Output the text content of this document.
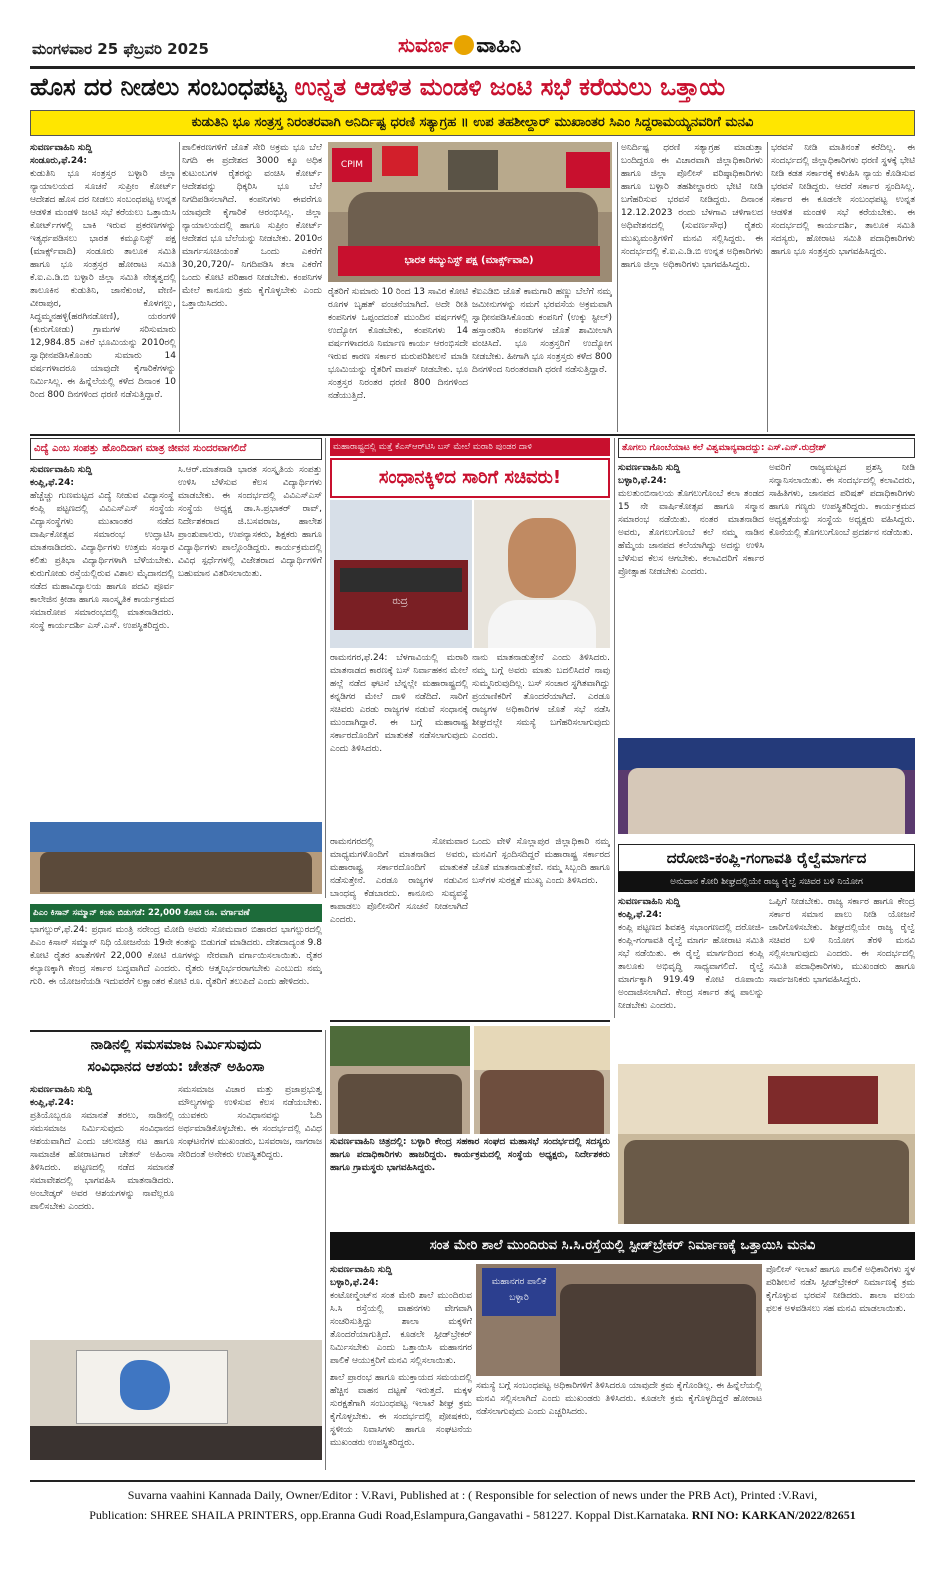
ಮಂಗಳವಾರ 25 ಫೆಬ್ರವರಿ 2025	ಸುವರ್ಣ ವಾಹಿನಿ
ಹೊಸ ದರ ನೀಡಲು ಸಂಬಂಧಪಟ್ಟ ಉನ್ನತ ಆಡಳಿತ ಮಂಡಳಿ ಜಂಟಿ ಸಭೆ ಕರೆಯಲು ಒತ್ತಾಯ
ಕುಡುತಿನಿ ಭೂ ಸಂತ್ರಸ್ತ ನಿರಂತರವಾಗಿ ಅನಿರ್ದಿಷ್ಟ ಧರಣಿ ಸತ್ಯಾಗ್ರಹ ॥ ಉಪ ತಹಶೀಲ್ದಾರ್ ಮುಖಾಂತರ ಸಿಎಂ ಸಿದ್ದರಾಮಯ್ಯನವರಿಗೆ ಮನವಿ
ಸುವರ್ಣವಾಹಿನಿ ಸುದ್ದಿ
ಸಂಡೂರು,ಫೆ.24:
ಕುಡುತಿನಿ ಭೂ ಸಂತ್ರಸ್ತರ ಬಳ್ಳಾರಿ ಜಿಲ್ಲಾ ನ್ಯಾಯಾಲಯದ ಸೂಚನೆ ಸುಪ್ರೀಂ ಕೋರ್ಟ್ ಆದೇಶದ ಹೊಸ ದರ ನೀಡಲು ಸಂಬಂಧಪಟ್ಟ ಉನ್ನತ ಆಡಳಿತ ಮಂಡಳಿ ಜಂಟಿ ಸಭೆ ಕರೆಯಲು ಒತ್ತಾಯಿಸಿ ಕೋರ್ಟ್‌ಗಳಲ್ಲಿ ಬಾಕಿ ಇರುವ ಪ್ರಕರಣಗಳನ್ನು ಇತ್ಯರ್ಥಪಡಿಸಲು ಭಾರತ ಕಮ್ಯೂನಿಸ್ಟ್ ಪಕ್ಷ (ಮಾರ್ಕ್ಸ್‌ವಾದಿ) ಸಂಡೂರು ತಾಲೂಕ ಸಮಿತಿ ಹಾಗೂ ಭೂ ಸಂತ್ರಸ್ತರ ಹೋರಾಟ ಸಮಿತಿ ಕೆ.ಐ.ಎ.ಡಿ.ಬಿ ಬಳ್ಳಾರಿ ಜಿಲ್ಲಾ ಸಮಿತಿ ನೇತೃತ್ವದಲ್ಲಿ ತಾಲೂಕಿನ ಕುಡುತಿನಿ, ಜಾನೆಕುಂಟೆ, ವೇಣಿ-ವೀರಾಪುರ, ಕೊಳಗಲ್ಲು, ಸಿದ್ಧಮ್ಮನಹಳ್ಳಿ(ಹರಗಿನಡೋಣಿ), ಯರಂಗಳಿ (ಕುರುಗೋಡು) ಗ್ರಾಮಗಳ ಸರಿಸುಮಾರು 12,984.85 ಎಕರೆ ಭೂಮಿಯನ್ನು 2010ರಲ್ಲಿ ಸ್ವಾಧೀನಪಡಿಸಿಕೊಂಡು ಸುಮಾರು 14 ವರ್ಷಗಳಾದರೂ ಯಾವುದೇ ಕೈಗಾರಿಕೆಗಳನ್ನು ನಿರ್ಮಿಸಿಲ್ಲ. ಈ ಹಿನ್ನೆಲೆಯಲ್ಲಿ ಕಳೆದ ದಿನಾಂಕ 10 ರಿಂದ 800 ದಿನಗಳಿಂದ ಧರಣಿ ನಡೆಸುತ್ತಿದ್ದಾರೆ.
ಪಾಲಿಕರಣಗಳಿಗೆ ಜೊತೆ ಸೇರಿ ಅಕ್ರಮ ಭೂ ಬೆಲೆ ನಿಗದಿ ಈ ಪ್ರದೇಶದ 3000 ಕ್ಕೂ ಅಧಿಕ ಕುಟುಂಬಗಳ ರೈತರನ್ನು ವಂಚಿಸಿ ಕೋರ್ಟ್ ಆದೇಶವನ್ನು ಧಿಕ್ಕರಿಸಿ ಭೂ ಬೆಲೆ ನಿಗದಿಪಡಿಸಲಾಗಿದೆ. ಕಂಪನಿಗಳು ಈವರೆಗೂ ಯಾವುದೇ ಕೈಗಾರಿಕೆ ಆರಂಭಿಸಿಲ್ಲ. ಜಿಲ್ಲಾ ನ್ಯಾಯಾಲಯದಲ್ಲಿ ಹಾಗೂ ಸುಪ್ರೀಂ ಕೋರ್ಟ್ ಆದೇಶದ ಭೂ ಬೆಲೆಯನ್ನು ನೀಡಬೇಕು. 2010ರ ಮಾರ್ಗಸೂಚಿಯಂತೆ ಒಂದು ಎಕರೆಗೆ 30,20,720/- ನಿಗದಿಪಡಿಸಿ ತಲಾ ಎಕರೆಗೆ ಒಂದು ಕೋಟಿ ಪರಿಹಾರ ನೀಡಬೇಕು. ಕಂಪನಿಗಳ ಮೇಲೆ ಕಾನೂನು ಕ್ರಮ ಕೈಗೊಳ್ಳಬೇಕು ಎಂದು ಒತ್ತಾಯಿಸಿದರು.
CPIM
ಭಾರತ ಕಮ್ಯುನಿಸ್ಟ್ ಪಕ್ಷ (ಮಾರ್ಕ್ಸ್‌ವಾದಿ)
ರೈತರಿಗೆ ಸುಮಾರು 10 ರಿಂದ 13 ಸಾವಿರ ಕೋಟಿ ರೂಗಳ ಬೃಹತ್ ವಂಚನೆಯಾಗಿದೆ. ಅದೇ ರೀತಿ ಕಂಪನಿಗಳ ಒಪ್ಪಂದದಂತೆ ಮುಂದಿನ ವರ್ಷಗಳಲ್ಲಿ ಉದ್ಯೋಗ ಕೊಡಬೇಕು, ಕಂಪನಿಗಳು 14 ವರ್ಷಗಳಾದರೂ ನಿರ್ಮಾಣ ಕಾರ್ಯ ಆರಂಭಿಸದೇ ಇರುವ ಕಾರಣ ಸರ್ಕಾರ ಮರುಪರಿಶೀಲನೆ ಮಾಡಿ ಭೂಮಿಯನ್ನು ರೈತರಿಗೆ ವಾಪಸ್ ನೀಡಬೇಕು. ಭೂ ಸಂತ್ರಸ್ತರ ನಿರಂತರ ಧರಣಿ 800 ದಿನಗಳಿಂದ ನಡೆಯುತ್ತಿದೆ.
ಕೆಐಎಡಿಬಿ ಜೊತೆ ಕಾಮಗಾರಿ ಹಣ್ಣು ಬೆಲೆಗೆ ನಮ್ಮ ಜಮೀನುಗಳನ್ನು ನಮಗೆ ಭರವಸೆಯ ಅಕ್ರಮವಾಗಿ ಸ್ವಾಧೀನಪಡಿಸಿಕೊಂಡು ಕಂಪನಿಗೆ (ಉಕ್ಕು ಸ್ಟೀಲ್) ಹಸ್ತಾಂತರಿಸಿ ಕಂಪನಿಗಳ ಜೊತೆ ಶಾಮೀಲಾಗಿ ವಂಚಿಸಿದೆ. ಭೂ ಸಂತ್ರಸ್ತರಿಗೆ ಉದ್ಯೋಗ ನೀಡಬೇಕು. ಹೀಗಾಗಿ ಭೂ ಸಂತ್ರಸ್ತರು ಕಳೆದ 800 ದಿನಗಳಿಂದ ನಿರಂತರವಾಗಿ ಧರಣಿ ನಡೆಸುತ್ತಿದ್ದಾರೆ.
ಅನಿರ್ದಿಷ್ಟ ಧರಣಿ ಸತ್ಯಾಗ್ರಹ ಮಾಡುತ್ತಾ ಬಂದಿದ್ದರೂ ಈ ವಿಚಾರವಾಗಿ ಜಿಲ್ಲಾಧಿಕಾರಿಗಳು ಹಾಗೂ ಜಿಲ್ಲಾ ಪೊಲೀಸ್ ವರಿಷ್ಠಾಧಿಕಾರಿಗಳು ಹಾಗೂ ಬಳ್ಳಾರಿ ತಹಶೀಲ್ದಾರರು ಭೇಟಿ ನೀಡಿ ಬಗೆಹರಿಸುವ ಭರವಸೆ ನೀಡಿದ್ದರು. ದಿನಾಂಕ 12.12.2023 ರಂದು ಬೆಳಗಾವಿ ಚಳಿಗಾಲದ ಅಧಿವೇಶನದಲ್ಲಿ (ಸುವರ್ಣಸೌಧ) ರೈತರು ಮುಖ್ಯಮಂತ್ರಿಗಳಿಗೆ ಮನವಿ ಸಲ್ಲಿಸಿದ್ದರು. ಈ ಸಂದರ್ಭದಲ್ಲಿ ಕೆ.ಐ.ಎ.ಡಿ.ಬಿ ಉನ್ನತ ಅಧಿಕಾರಿಗಳು ಹಾಗೂ ಜಿಲ್ಲಾ ಅಧಿಕಾರಿಗಳು ಭಾಗವಹಿಸಿದ್ದರು.
ಭರವಸೆ ನೀಡಿ ಮಾತಿನಂತೆ ಕರೆದಿಲ್ಲ. ಈ ಸಂದರ್ಭದಲ್ಲಿ ಜಿಲ್ಲಾಧಿಕಾರಿಗಳು ಧರಣಿ ಸ್ಥಳಕ್ಕೆ ಭೇಟಿ ನೀಡಿ ಕಡತ ಸರ್ಕಾರಕ್ಕೆ ಕಳುಹಿಸಿ ನ್ಯಾಯ ಕೊಡಿಸುವ ಭರವಸೆ ನೀಡಿದ್ದರು. ಆದರೆ ಸರ್ಕಾರ ಸ್ಪಂದಿಸಿಲ್ಲ. ಸರ್ಕಾರ ಈ ಕೂಡಲೇ ಸಂಬಂಧಪಟ್ಟ ಉನ್ನತ ಆಡಳಿತ ಮಂಡಳಿ ಸಭೆ ಕರೆಯಬೇಕು. ಈ ಸಂದರ್ಭದಲ್ಲಿ ಕಾರ್ಯದರ್ಶಿ, ತಾಲೂಕ ಸಮಿತಿ ಸದಸ್ಯರು, ಹೋರಾಟ ಸಮಿತಿ ಪದಾಧಿಕಾರಿಗಳು ಹಾಗೂ ಭೂ ಸಂತ್ರಸ್ತರು ಭಾಗವಹಿಸಿದ್ದರು.
ವಿದ್ಯೆ ಎಂಬ ಸಂಪತ್ತು ಹೊಂದಿದಾಗ ಮಾತ್ರ ಜೀವನ ಸುಂದರವಾಗಲಿದೆ
ಸುವರ್ಣವಾಹಿನಿ ಸುದ್ದಿ
ಕಂಪ್ಲಿ,ಫೆ.24:
ಹೆಚ್ಚೆಚ್ಚು ಗುಣಮಟ್ಟದ ವಿದ್ಯೆ ನೀಡುವ ವಿದ್ಯಾಸಂಸ್ಥೆ ಕಂಪ್ಲಿ ಪಟ್ಟಣದಲ್ಲಿ ವಿವಿಎಸ್‌ಎಸ್ ಸಂಸ್ಥೆಯ ವಿದ್ಯಾಸಂಸ್ಥೆಗಳು ಮುಖಾಂತರ ನಡೆದ ವಾರ್ಷಿಕೋತ್ಸವ ಸಮಾರಂಭ ಉದ್ಘಾಟಿಸಿ ಮಾತನಾಡಿದರು. ವಿದ್ಯಾರ್ಥಿಗಳು ಉತ್ತಮ ಸಂಸ್ಕಾರ ಕಲಿತು ಪ್ರತಿಭಾ ವಿದ್ಯಾರ್ಥಿಗಳಾಗಿ ಬೆಳೆಯಬೇಕು. ಕುರುಗೋಡು ರಸ್ತೆಯಲ್ಲಿರುವ ವಿಶಾಲ ಮೈದಾನದಲ್ಲಿ ನಡೆದ ಮಹಾವಿದ್ಯಾಲಯ ಹಾಗೂ ಪದವಿ ಪೂರ್ವ ಕಾಲೇಜಿನ ಕ್ರೀಡಾ ಹಾಗೂ ಸಾಂಸ್ಕೃತಿಕ ಕಾರ್ಯಕ್ರಮದ ಸಮಾರೋಪ ಸಮಾರಂಭದಲ್ಲಿ ಮಾತನಾಡಿದರು. ಸಂಸ್ಥೆ ಕಾರ್ಯದರ್ಶಿ ಎಸ್.ಎಸ್. ಉಪಸ್ಥಿತರಿದ್ದರು.
ಸಿ.ಆರ್.ಮಾತನಾಡಿ ಭಾರತ ಸಂಸ್ಕೃತಿಯ ಸಂಪತ್ತು ಉಳಿಸಿ ಬೆಳೆಸುವ ಕೆಲಸ ವಿದ್ಯಾರ್ಥಿಗಳು ಮಾಡಬೇಕು. ಈ ಸಂದರ್ಭದಲ್ಲಿ ವಿವಿಎಸ್‌ಎಸ್ ಸಂಸ್ಥೆಯ ಅಧ್ಯಕ್ಷ ಡಾ.ಸಿ.ಪ್ರಭಾಕರ್ ರಾವ್, ನಿರ್ದೇಶಕರಾದ ಜಿ.ಬಸವರಾಜ, ಹಾಲೇಶ ಪ್ರಾಂಶುಪಾಲರು, ಉಪನ್ಯಾಸಕರು, ಶಿಕ್ಷಕರು ಹಾಗೂ ವಿದ್ಯಾರ್ಥಿಗಳು ಪಾಲ್ಗೊಂಡಿದ್ದರು. ಕಾರ್ಯಕ್ರಮದಲ್ಲಿ ವಿವಿಧ ಸ್ಪರ್ಧೆಗಳಲ್ಲಿ ವಿಜೇತರಾದ ವಿದ್ಯಾರ್ಥಿಗಳಿಗೆ ಬಹುಮಾನ ವಿತರಿಸಲಾಯಿತು.
ಮಹಾರಾಷ್ಟ್ರದಲ್ಲಿ ಮತ್ತೆ ಕೆಎಸ್‌ಆರ್‌ಟಿಸಿ ಬಸ್ ಮೇಲೆ ಮರಾಠಿ ಪುಂಡರ ದಾಳಿ
ಸಂಧಾನಕ್ಕಿಳಿದ ಸಾರಿಗೆ ಸಚಿವರು!
ರುದ್ರ
ರಾಮನಗರ,ಫೆ.24: ಬೆಳಗಾವಿಯಲ್ಲಿ ಮರಾಠಿ ಮಾತನಾಡದ ಕಾರಣಕ್ಕೆ ಬಸ್ ನಿರ್ವಾಹಕನ ಮೇಲೆ ಹಲ್ಲೆ ನಡೆದ ಘಟನೆ ಬೆನ್ನಲ್ಲೇ ಮಹಾರಾಷ್ಟ್ರದಲ್ಲಿ ಕನ್ನಡಿಗರ ಮೇಲೆ ದಾಳಿ ನಡೆದಿದೆ. ಸಾರಿಗೆ ಸಚಿವರು ಎರಡು ರಾಜ್ಯಗಳ ನಡುವೆ ಸಂಧಾನಕ್ಕೆ ಮುಂದಾಗಿದ್ದಾರೆ. ಈ ಬಗ್ಗೆ ಮಹಾರಾಷ್ಟ್ರ ಸರ್ಕಾರದೊಂದಿಗೆ ಮಾತುಕತೆ ನಡೆಸಲಾಗುವುದು ಎಂದು ತಿಳಿಸಿದರು.
ನಾನು ಮಾತನಾಡುತ್ತೇನೆ ಎಂದು ತಿಳಿಸಿದರು. ನಮ್ಮ ಬಗ್ಗೆ ಅವರು ಮಾತು ಬದಲಿಸಿದರೆ ನಾವು ಸುಮ್ಮನಿರುವುದಿಲ್ಲ. ಬಸ್ ಸಂಚಾರ ಸ್ಥಗಿತವಾಗಿದ್ದು ಪ್ರಯಾಣಿಕರಿಗೆ ತೊಂದರೆಯಾಗಿದೆ. ಎರಡೂ ರಾಜ್ಯಗಳ ಅಧಿಕಾರಿಗಳ ಜೊತೆ ಸಭೆ ನಡೆಸಿ ಶೀಘ್ರದಲ್ಲೇ ಸಮಸ್ಯೆ ಬಗೆಹರಿಸಲಾಗುವುದು ಎಂದರು.
ರಾಮನಗರದಲ್ಲಿ ಸೋಮವಾರ ಮಾಧ್ಯಮಗಳೊಂದಿಗೆ ಮಾತನಾಡಿದ ಅವರು, ಮಹಾರಾಷ್ಟ್ರ ಸರ್ಕಾರದೊಂದಿಗೆ ಮಾತುಕತೆ ನಡೆಸುತ್ತೇನೆ. ಎರಡೂ ರಾಜ್ಯಗಳ ನಡುವಿನ ಬಾಂಧವ್ಯ ಕೆಡಬಾರದು. ಕಾನೂನು ಸುವ್ಯವಸ್ಥೆ ಕಾಪಾಡಲು ಪೊಲೀಸರಿಗೆ ಸೂಚನೆ ನೀಡಲಾಗಿದೆ ಎಂದರು.
ಒಂದು ವೇಳೆ ಸೊಲ್ಲಾಪುರ ಜಿಲ್ಲಾಧಿಕಾರಿ ನಮ್ಮ ಮನವಿಗೆ ಸ್ಪಂದಿಸದಿದ್ದರೆ ಮಹಾರಾಷ್ಟ್ರ ಸರ್ಕಾರದ ಜೊತೆ ಮಾತನಾಡುತ್ತೇವೆ. ನಮ್ಮ ಸಿಬ್ಬಂದಿ ಹಾಗೂ ಬಸ್‌ಗಳ ಸುರಕ್ಷತೆ ಮುಖ್ಯ ಎಂದು ತಿಳಿಸಿದರು.
ತೊಗಲು ಗೊಂಬೆಯಾಟ ಕಲೆ ವಿಶ್ವಮಾನ್ಯವಾದದ್ದು: ಎಸ್.ಎನ್.ರುದ್ರೇಶ್
ಸುವರ್ಣವಾಹಿನಿ ಸುದ್ದಿ
ಬಳ್ಳಾರಿ,ಫೆ.24:
ಮಲತುಂಬಿನಾಲಯ ತೊಗಲುಗೊಂಬೆ ಕಲಾ ತಂಡದ 15 ನೇ ವಾರ್ಷಿಕೋತ್ಸವ ಹಾಗೂ ಸನ್ಮಾನ ಸಮಾರಂಭ ನಡೆಯಿತು. ನಂತರ ಮಾತನಾಡಿದ ಅವರು, ತೊಗಲುಗೊಂಬೆ ಕಲೆ ನಮ್ಮ ನಾಡಿನ ಹೆಮ್ಮೆಯ ಜಾನಪದ ಕಲೆಯಾಗಿದ್ದು ಅದನ್ನು ಉಳಿಸಿ ಬೆಳೆಸುವ ಕೆಲಸ ಆಗಬೇಕು. ಕಲಾವಿದರಿಗೆ ಸರ್ಕಾರ ಪ್ರೋತ್ಸಾಹ ನೀಡಬೇಕು ಎಂದರು.
ಅವರಿಗೆ ರಾಜ್ಯಮಟ್ಟದ ಪ್ರಶಸ್ತಿ ನೀಡಿ ಸನ್ಮಾನಿಸಲಾಯಿತು. ಈ ಸಂದರ್ಭದಲ್ಲಿ ಕಲಾವಿದರು, ಸಾಹಿತಿಗಳು, ಜಾನಪದ ಪರಿಷತ್ ಪದಾಧಿಕಾರಿಗಳು ಹಾಗೂ ಗಣ್ಯರು ಉಪಸ್ಥಿತರಿದ್ದರು. ಕಾರ್ಯಕ್ರಮದ ಅಧ್ಯಕ್ಷತೆಯನ್ನು ಸಂಸ್ಥೆಯ ಅಧ್ಯಕ್ಷರು ವಹಿಸಿದ್ದರು. ಕೊನೆಯಲ್ಲಿ ತೊಗಲುಗೊಂಬೆ ಪ್ರದರ್ಶನ ನಡೆಯಿತು.
ದರೋಜಿ-ಕಂಪ್ಲಿ-ಗಂಗಾವತಿ ರೈಲ್ವೆಮಾರ್ಗದ
ಅನುದಾನ ಕೋರಿ ಶೀಘ್ರದಲ್ಲಿಯೇ ರಾಜ್ಯ ರೈಲ್ವೆ ಸಚಿವರ ಬಳಿ ನಿಯೋಗ
ಸುವರ್ಣವಾಹಿನಿ ಸುದ್ದಿ
ಕಂಪ್ಲಿ,ಫೆ.24:
ಕಂಪ್ಲಿ ಪಟ್ಟಣದ ಶಿವಶಕ್ತಿ ಸಭಾಂಗಣದಲ್ಲಿ ದರೋಜಿ-ಕಂಪ್ಲಿ-ಗಂಗಾವತಿ ರೈಲ್ವೆ ಮಾರ್ಗ ಹೋರಾಟ ಸಮಿತಿ ಸಭೆ ನಡೆಯಿತು. ಈ ರೈಲ್ವೆ ಮಾರ್ಗದಿಂದ ಕಂಪ್ಲಿ ತಾಲೂಕು ಅಭಿವೃದ್ಧಿ ಸಾಧ್ಯವಾಗಲಿದೆ. ರೈಲ್ವೆ ಮಾರ್ಗಕ್ಕಾಗಿ 919.49 ಕೋಟಿ ರೂಪಾಯಿ ಅಂದಾಜಿಸಲಾಗಿದೆ. ಕೇಂದ್ರ ಸರ್ಕಾರ ತನ್ನ ಪಾಲನ್ನು ನೀಡಬೇಕು ಎಂದರು.
ಒಪ್ಪಿಗೆ ನೀಡಬೇಕು. ರಾಜ್ಯ ಸರ್ಕಾರ ಹಾಗೂ ಕೇಂದ್ರ ಸರ್ಕಾರ ಸಮಾನ ಪಾಲು ನೀಡಿ ಯೋಜನೆ ಜಾರಿಗೊಳಿಸಬೇಕು. ಶೀಘ್ರದಲ್ಲಿಯೇ ರಾಜ್ಯ ರೈಲ್ವೆ ಸಚಿವರ ಬಳಿ ನಿಯೋಗ ತೆರಳಿ ಮನವಿ ಸಲ್ಲಿಸಲಾಗುವುದು ಎಂದರು. ಈ ಸಂದರ್ಭದಲ್ಲಿ ಸಮಿತಿ ಪದಾಧಿಕಾರಿಗಳು, ಮುಖಂಡರು ಹಾಗೂ ಸಾರ್ವಜನಿಕರು ಭಾಗವಹಿಸಿದ್ದರು.
ಪಿಎಂ ಕಿಸಾನ್ ಸಮ್ಮಾನ್ ಕಂತು ಬಿಡುಗಡೆ: 22,000 ಕೋಟಿ ರೂ. ವರ್ಗಾವಣೆ
ಭಾಗಲ್ಪುರ್,ಫೆ.24: ಪ್ರಧಾನ ಮಂತ್ರಿ ನರೇಂದ್ರ ಮೋದಿ ಅವರು ಸೋಮವಾರ ಬಿಹಾರದ ಭಾಗಲ್ಪುರದಲ್ಲಿ ಪಿಎಂ ಕಿಸಾನ್ ಸಮ್ಮಾನ್ ನಿಧಿ ಯೋಜನೆಯ 19ನೇ ಕಂತನ್ನು ಬಿಡುಗಡೆ ಮಾಡಿದರು. ದೇಶದಾದ್ಯಂತ 9.8 ಕೋಟಿ ರೈತರ ಖಾತೆಗಳಿಗೆ 22,000 ಕೋಟಿ ರೂಗಳನ್ನು ನೇರವಾಗಿ ವರ್ಗಾಯಿಸಲಾಯಿತು. ರೈತರ ಕಲ್ಯಾಣಕ್ಕಾಗಿ ಕೇಂದ್ರ ಸರ್ಕಾರ ಬದ್ಧವಾಗಿದೆ ಎಂದರು. ರೈತರು ಆತ್ಮನಿರ್ಭರರಾಗಬೇಕು ಎಂಬುದು ನಮ್ಮ ಗುರಿ. ಈ ಯೋಜನೆಯಡಿ ಇದುವರೆಗೆ ಲಕ್ಷಾಂತರ ಕೋಟಿ ರೂ. ರೈತರಿಗೆ ತಲುಪಿದೆ ಎಂದು ಹೇಳಿದರು.
ನಾಡಿನಲ್ಲಿ ಸಮಸಮಾಜ ನಿರ್ಮಿಸುವುದು
ಸಂವಿಧಾನದ ಆಶಯ: ಚೇತನ್ ಅಹಿಂಸಾ
ಸುವರ್ಣವಾಹಿನಿ ಸುದ್ದಿ
ಕಂಪ್ಲಿ,ಫೆ.24:
ಪ್ರತಿಯೊಬ್ಬರೂ ಸಮಾನತೆ ತರಲು, ನಾಡಿನಲ್ಲಿ ಸಮಸಮಾಜ ನಿರ್ಮಿಸುವುದು ಸಂವಿಧಾನದ ಆಶಯವಾಗಿದೆ ಎಂದು ಚಲನಚಿತ್ರ ನಟ ಹಾಗೂ ಸಾಮಾಜಿಕ ಹೋರಾಟಗಾರ ಚೇತನ್ ಅಹಿಂಸಾ ತಿಳಿಸಿದರು. ಪಟ್ಟಣದಲ್ಲಿ ನಡೆದ ಸಮಾನತೆ ಸಮಾವೇಶದಲ್ಲಿ ಭಾಗವಹಿಸಿ ಮಾತನಾಡಿದರು. ಅಂಬೇಡ್ಕರ್ ಅವರ ಆಶಯಗಳನ್ನು ನಾವೆಲ್ಲರೂ ಪಾಲಿಸಬೇಕು ಎಂದರು.
ಸಮಸಮಾಜ ವಿಚಾರ ಮತ್ತು ಪ್ರಜಾಪ್ರಭುತ್ವ ಮೌಲ್ಯಗಳನ್ನು ಉಳಿಸುವ ಕೆಲಸ ನಡೆಯಬೇಕು. ಯುವಕರು ಸಂವಿಧಾನವನ್ನು ಓದಿ ಅರ್ಥಮಾಡಿಕೊಳ್ಳಬೇಕು. ಈ ಸಂದರ್ಭದಲ್ಲಿ ವಿವಿಧ ಸಂಘಟನೆಗಳ ಮುಖಂಡರು, ಬಸವರಾಜ, ನಾಗರಾಜ ಸೇರಿದಂತೆ ಅನೇಕರು ಉಪಸ್ಥಿತರಿದ್ದರು.
ಸುವರ್ಣವಾಹಿನಿ ಚಿತ್ರದಲ್ಲಿ: ಬಳ್ಳಾರಿ ಕೇಂದ್ರ ಸಹಕಾರ ಸಂಘದ ಮಹಾಸಭೆ ಸಂದರ್ಭದಲ್ಲಿ ಸದಸ್ಯರು ಹಾಗೂ ಪದಾಧಿಕಾರಿಗಳು ಹಾಜರಿದ್ದರು. ಕಾರ್ಯಕ್ರಮದಲ್ಲಿ ಸಂಸ್ಥೆಯ ಅಧ್ಯಕ್ಷರು, ನಿರ್ದೇಶಕರು ಹಾಗೂ ಗ್ರಾಮಸ್ಥರು ಭಾಗವಹಿಸಿದ್ದರು.
ಸಂತ ಮೇರಿ ಶಾಲೆ ಮುಂದಿರುವ ಸಿ.ಸಿ.ರಸ್ತೆಯಲ್ಲಿ ಸ್ಪೀಡ್‌ಬ್ರೇಕರ್ ನಿರ್ಮಾಣಕ್ಕೆ ಒತ್ತಾಯಿಸಿ ಮನವಿ
ಸುವರ್ಣವಾಹಿನಿ ಸುದ್ದಿ
ಬಳ್ಳಾರಿ,ಫೆ.24:
ಕಂಟೋನ್ಮೆಂಟ್‌ನ ಸಂತ ಮೇರಿ ಶಾಲೆ ಮುಂದಿರುವ ಸಿ.ಸಿ ರಸ್ತೆಯಲ್ಲಿ ವಾಹನಗಳು ವೇಗವಾಗಿ ಸಂಚರಿಸುತ್ತಿದ್ದು ಶಾಲಾ ಮಕ್ಕಳಿಗೆ ತೊಂದರೆಯಾಗುತ್ತಿದೆ. ಕೂಡಲೇ ಸ್ಪೀಡ್‌ಬ್ರೇಕರ್ ನಿರ್ಮಿಸಬೇಕು ಎಂದು ಒತ್ತಾಯಿಸಿ ಮಹಾನಗರ ಪಾಲಿಕೆ ಆಯುಕ್ತರಿಗೆ ಮನವಿ ಸಲ್ಲಿಸಲಾಯಿತು.
ಮಹಾನಗರ ಪಾಲಿಕೆ
ಬಳ್ಳಾರಿ
ಪೊಲೀಸ್ ಇಲಾಖೆ ಹಾಗೂ ಪಾಲಿಕೆ ಅಧಿಕಾರಿಗಳು ಸ್ಥಳ ಪರಿಶೀಲನೆ ನಡೆಸಿ ಸ್ಪೀಡ್‌ಬ್ರೇಕರ್ ನಿರ್ಮಾಣಕ್ಕೆ ಕ್ರಮ ಕೈಗೊಳ್ಳುವ ಭರವಸೆ ನೀಡಿದರು. ಶಾಲಾ ವಲಯ ಫಲಕ ಅಳವಡಿಸಲು ಸಹ ಮನವಿ ಮಾಡಲಾಯಿತು.
ಶಾಲೆ ಪ್ರಾರಂಭ ಹಾಗೂ ಮುಕ್ತಾಯದ ಸಮಯದಲ್ಲಿ ಹೆಚ್ಚಿನ ವಾಹನ ದಟ್ಟಣೆ ಇರುತ್ತದೆ. ಮಕ್ಕಳ ಸುರಕ್ಷತೆಗಾಗಿ ಸಂಬಂಧಪಟ್ಟ ಇಲಾಖೆ ಶೀಘ್ರ ಕ್ರಮ ಕೈಗೊಳ್ಳಬೇಕು. ಈ ಸಂದರ್ಭದಲ್ಲಿ ಪೋಷಕರು, ಸ್ಥಳೀಯ ನಿವಾಸಿಗಳು ಹಾಗೂ ಸಂಘಟನೆಯ ಮುಖಂಡರು ಉಪಸ್ಥಿತರಿದ್ದರು.
ಸಮಸ್ಯೆ ಬಗ್ಗೆ ಸಂಬಂಧಪಟ್ಟ ಅಧಿಕಾರಿಗಳಿಗೆ ತಿಳಿಸಿದರೂ ಯಾವುದೇ ಕ್ರಮ ಕೈಗೊಂಡಿಲ್ಲ. ಈ ಹಿನ್ನೆಲೆಯಲ್ಲಿ ಮನವಿ ಸಲ್ಲಿಸಲಾಗಿದೆ ಎಂದು ಮುಖಂಡರು ತಿಳಿಸಿದರು. ಕೂಡಲೇ ಕ್ರಮ ಕೈಗೊಳ್ಳದಿದ್ದರೆ ಹೋರಾಟ ನಡೆಸಲಾಗುವುದು ಎಂದು ಎಚ್ಚರಿಸಿದರು.
Suvarna vaahini Kannada Daily, Owner/Editor : V.Ravi, Published at : ( Responsible for selection of news under the PRB Act), Printed :V.Ravi,
Publication: SHREE SHAILA PRINTERS, opp.Eranna Gudi Road,Eslampura,Gangavathi - 581227. Koppal Dist.Karnataka. RNI NO: KARKAN/2022/82651
